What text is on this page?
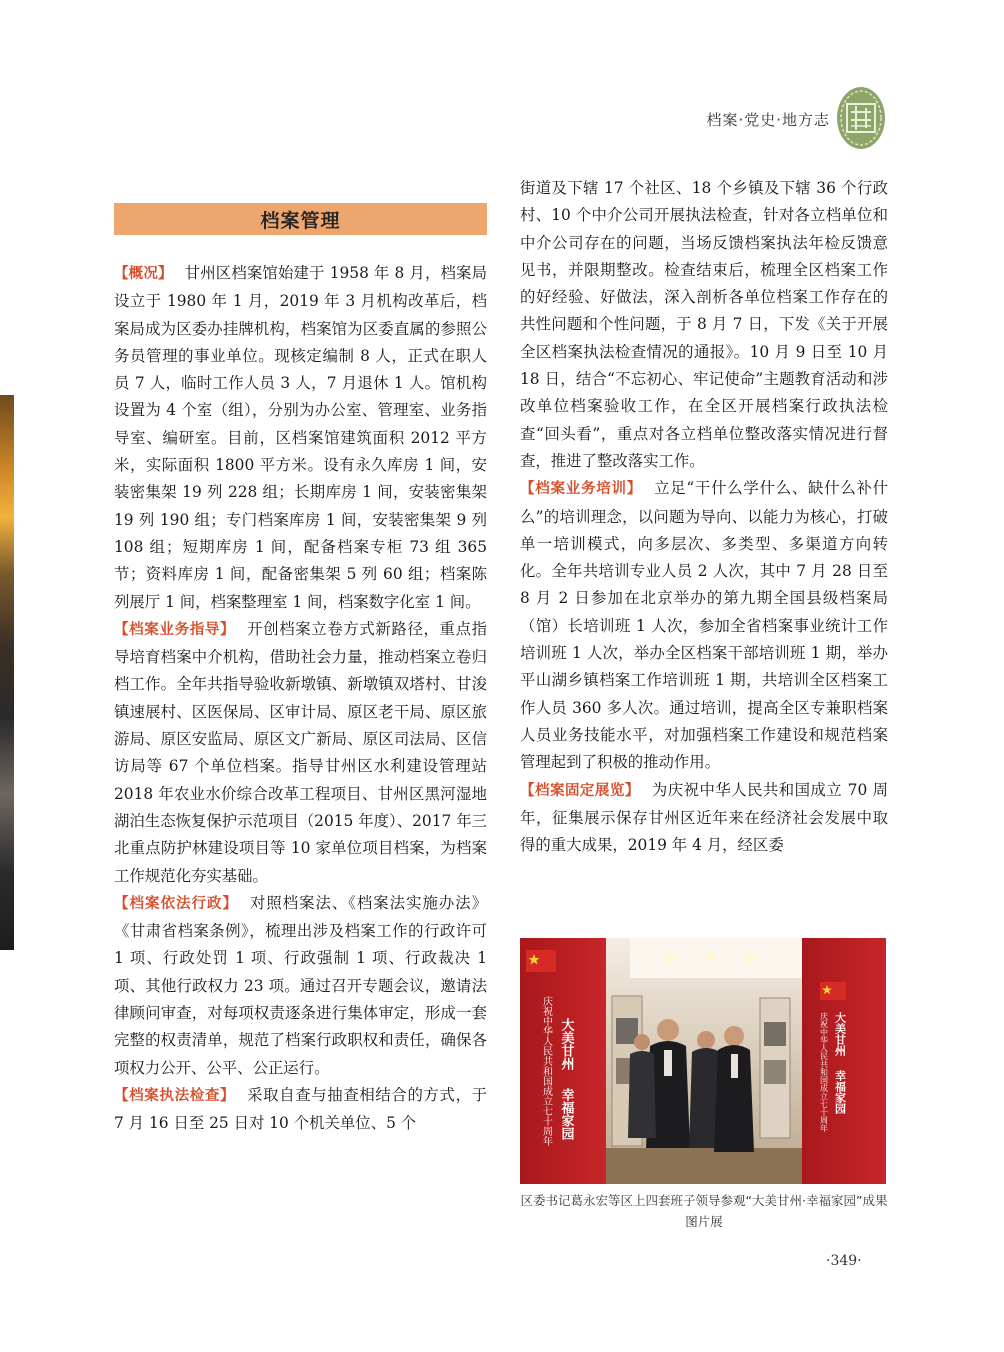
档案·党史·地方志
档案管理

【概况】 甘州区档案馆始建于 1958 年 8 月，档案局设立于 1980 年 1 月，2019 年 3 月机构改革后，档案局成为区委办挂牌机构，档案馆为区委直属的参照公务员管理的事业单位。现核定编制 8 人，正式在职人员 7 人，临时工作人员 3 人，7 月退休 1 人。馆机构设置为 4 个室（组），分别为办公室、管理室、业务指导室、编研室。目前，区档案馆建筑面积 2012 平方米，实际面积 1800 平方米。设有永久库房 1 间，安装密集架 19 列 228 组；长期库房 1 间，安装密集架 19 列 190 组；专门档案库房 1 间，安装密集架 9 列 108 组；短期库房 1 间，配备档案专柜 73 组 365 节；资料库房 1 间，配备密集架 5 列 60 组；档案陈列展厅 1 间，档案整理室 1 间，档案数字化室 1 间。

【档案业务指导】 开创档案立卷方式新路径，重点指导培育档案中介机构，借助社会力量，推动档案立卷归档工作。全年共指导验收新墩镇、新墩镇双塔村、甘浚镇速展村、区医保局、区审计局、原区老干局、原区旅游局、原区安监局、原区文广新局、原区司法局、区信访局等 67 个单位档案。指导甘州区水利建设管理站 2018 年农业水价综合改革工程项目、甘州区黑河湿地湖泊生态恢复保护示范项目（2015 年度）、2017 年三北重点防护林建设项目等 10 家单位项目档案，为档案工作规范化夯实基础。

【档案依法行政】 对照档案法、《档案法实施办法》《甘肃省档案条例》，梳理出涉及档案工作的行政许可 1 项、行政处罚 1 项、行政强制 1 项、行政裁决 1 项、其他行政权力 23 项。通过召开专题会议，邀请法律顾问审查，对每项权责逐条进行集体审定，形成一套完整的权责清单，规范了档案行政职权和责任，确保各项权力公开、公平、公正运行。

【档案执法检查】 采取自查与抽查相结合的方式，于 7 月 16 日至 25 日对 10 个机关单位、5 个

街道及下辖 17 个社区、18 个乡镇及下辖 36 个行政村、10 个中介公司开展执法检查，针对各立档单位和中介公司存在的问题，当场反馈档案执法年检反馈意见书，并限期整改。检查结束后，梳理全区档案工作的好经验、好做法，深入剖析各单位档案工作存在的共性问题和个性问题，于 8 月 7 日，下发《关于开展全区档案执法检查情况的通报》。10 月 9 日至 10 月 18 日，结合“不忘初心、牢记使命”主题教育活动和涉改单位档案验收工作，在全区开展档案行政执法检查“回头看”，重点对各立档单位整改落实情况进行督查，推进了整改落实工作。

【档案业务培训】 立足“干什么学什么、缺什么补什么”的培训理念，以问题为导向、以能力为核心，打破单一培训模式，向多层次、多类型、多渠道方向转化。全年共培训专业人员 2 人次，其中 7 月 28 日至 8 月 2 日参加在北京举办的第九期全国县级档案局（馆）长培训班 1 人次，参加全省档案事业统计工作培训班 1 人次，举办全区档案干部培训班 1 期，举办平山湖乡镇档案工作培训班 1 期，共培训全区档案工作人员 360 多人次。通过培训，提高全区专兼职档案人员业务技能水平，对加强档案工作建设和规范档案管理起到了积极的推动作用。

【档案固定展览】 为庆祝中华人民共和国成立 70 周年，征集展示保存甘州区近年来在经济社会发展中取得的重大成果，2019 年 4 月，经区委

大美甘州
幸福家园
庆祝中华人民共和国成立七十周年	大美甘州
幸福家园
庆祝中华人民共和国成立七十周年
区委书记葛永宏等区上四套班子领导参观“大美甘州·幸福家园”成果图片展
·349·
